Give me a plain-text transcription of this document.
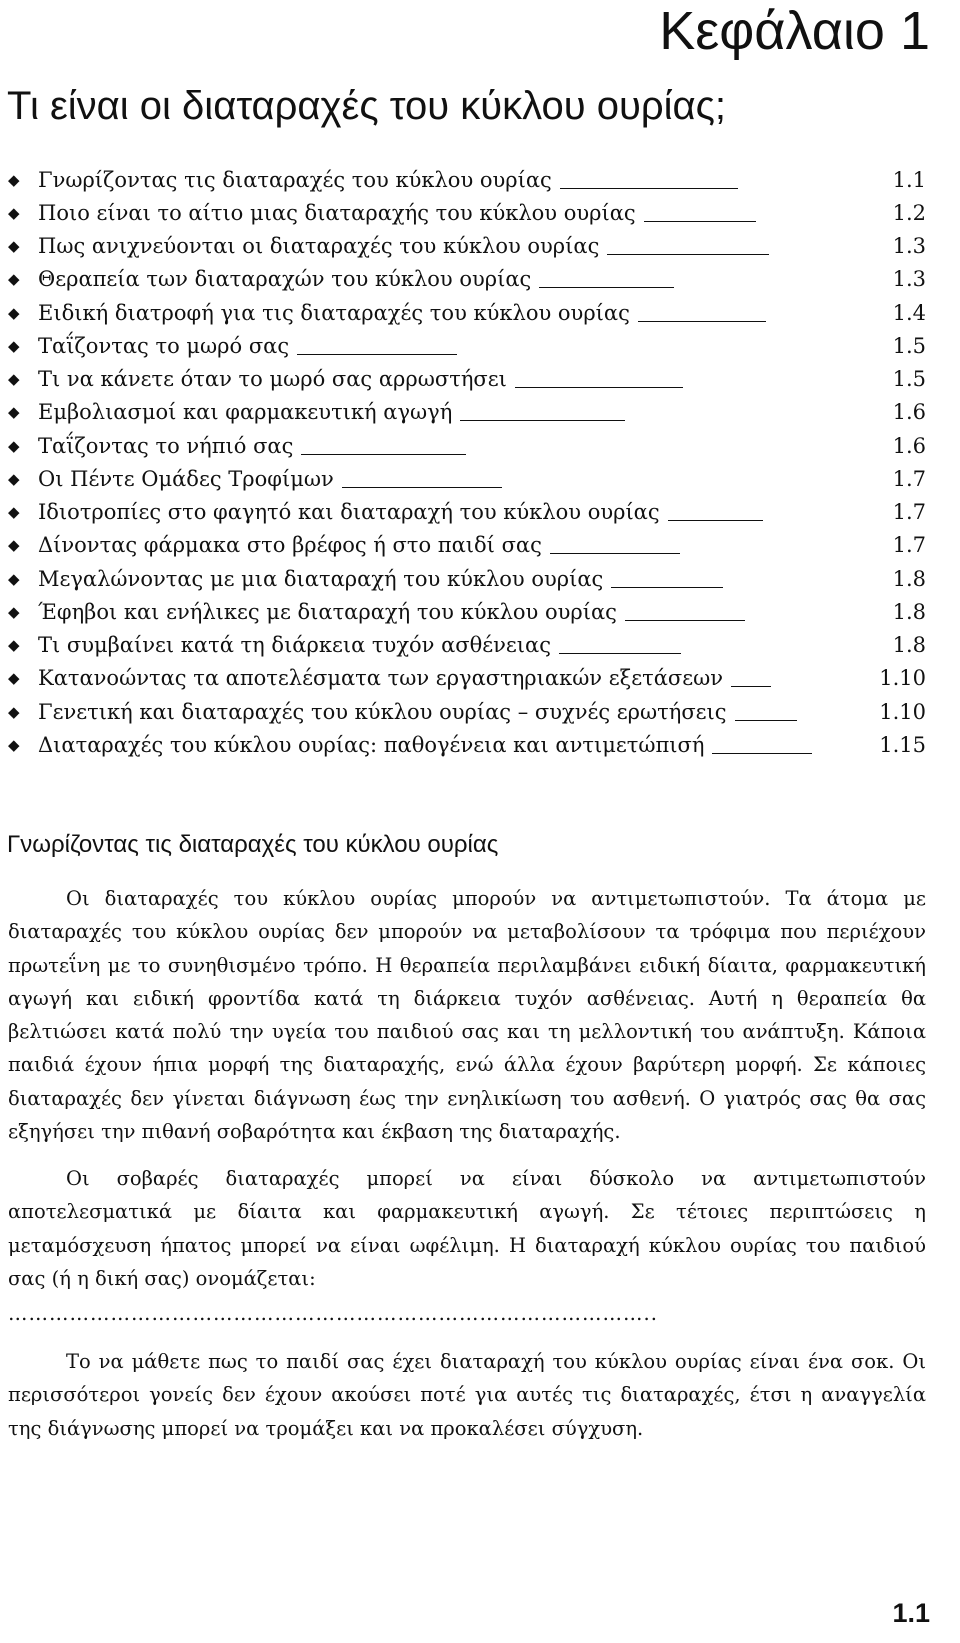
Κεφάλαιο 1
Τι είναι οι διαταραχές του κύκλου ουρίας;
◆ Γνωρίζοντας τις διαταραχές του κύκλου ουρίας	1.1
◆ Ποιο είναι το αίτιο μιας διαταραχής του κύκλου ουρίας	1.2
◆ Πως ανιχνεύονται οι διαταραχές του κύκλου ουρίας	1.3
◆ Θεραπεία των διαταραχών του κύκλου ουρίας	1.3
◆ Ειδική διατροφή για τις διαταραχές του κύκλου ουρίας	1.4
◆ Ταΐζοντας το μωρό σας	1.5
◆ Τι να κάνετε όταν το μωρό σας αρρωστήσει	1.5
◆ Εμβολιασμοί και φαρμακευτική αγωγή	1.6
◆ Ταΐζοντας το νήπιό σας	1.6
◆ Οι Πέντε Ομάδες Τροφίμων	1.7
◆ Ιδιοτροπίες στο φαγητό και διαταραχή του κύκλου ουρίας	1.7
◆ Δίνοντας φάρμακα στο βρέφος ή στο παιδί σας	1.7
◆ Μεγαλώνοντας με μια διαταραχή του κύκλου ουρίας	1.8
◆ Έφηβοι και ενήλικες με διαταραχή του κύκλου ουρίας	1.8
◆ Τι συμβαίνει κατά τη διάρκεια τυχόν ασθένειας	1.8
◆ Κατανοώντας τα αποτελέσματα των εργαστηριακών εξετάσεων	1.10
◆ Γενετική και διαταραχές του κύκλου ουρίας – συχνές ερωτήσεις	1.10
◆ Διαταραχές του κύκλου ουρίας: παθογένεια και αντιμετώπισή	1.15
Γνωρίζοντας τις διαταραχές του κύκλου ουρίας

Οι διαταραχές του κύκλου ουρίας μπορούν να αντιμετωπιστούν. Τα άτομα με διαταραχές του κύκλου ουρίας δεν μπορούν να μεταβολίσουν τα τρόφιμα που περιέχουν πρωτεΐνη με το συνηθισμένο τρόπο. Η θεραπεία περιλαμβάνει ειδική δίαιτα, φαρμακευτική αγωγή και ειδική φροντίδα κατά τη διάρκεια τυχόν ασθένειας. Αυτή η θεραπεία θα βελτιώσει κατά πολύ την υγεία του παιδιού σας και τη μελλοντική του ανάπτυξη. Κάποια παιδιά έχουν ήπια μορφή της διαταραχής, ενώ άλλα έχουν βαρύτερη μορφή. Σε κάποιες διαταραχές δεν γίνεται διάγνωση έως την ενηλικίωση του ασθενή. Ο γιατρός σας θα σας εξηγήσει την πιθανή σοβαρότητα και έκβαση της διαταραχής.

Οι σοβαρές διαταραχές μπορεί να είναι δύσκολο να αντιμετωπιστούν αποτελεσματικά με δίαιτα και φαρμακευτική αγωγή. Σε τέτοιες περιπτώσεις η μεταμόσχευση ήπατος μπορεί να είναι ωφέλιμη. Η διαταραχή κύκλου ουρίας του παιδιού σας (ή η δική σας) ονομάζεται:

…………………………………………………………………………………..

Το να μάθετε πως το παιδί σας έχει διαταραχή του κύκλου ουρίας είναι ένα σοκ. Οι περισσότεροι γονείς δεν έχουν ακούσει ποτέ για αυτές τις διαταραχές, έτσι η αναγγελία της διάγνωσης μπορεί να τρομάξει και να προκαλέσει σύγχυση.

1.1
